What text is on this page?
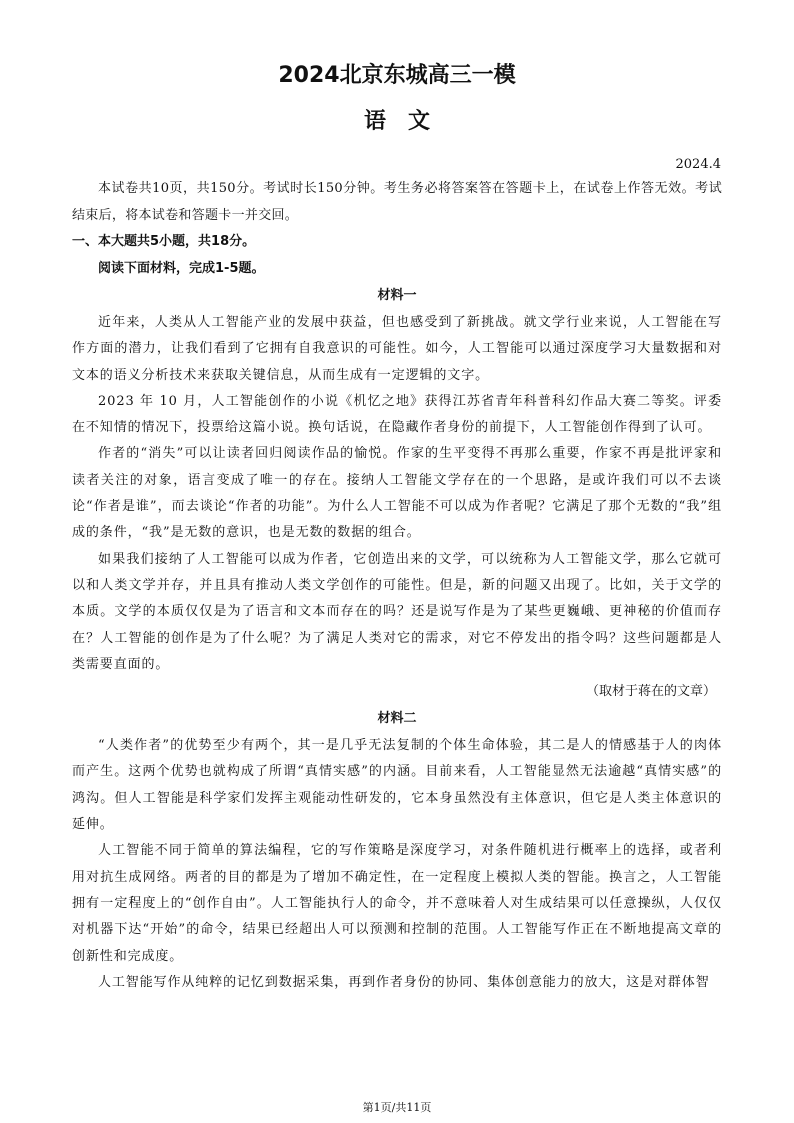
2024北京东城高三一模
语文
2024.4

本试卷共10页，共150分。考试时长150分钟。考生务必将答案答在答题卡上，在试卷上作答无效。考试结束后，将本试卷和答题卡一并交回。

一、本大题共5小题，共18分。

阅读下面材料，完成1-5题。

材料一

近年来，人类从人工智能产业的发展中获益，但也感受到了新挑战。就文学行业来说，人工智能在写作方面的潜力，让我们看到了它拥有自我意识的可能性。如今，人工智能可以通过深度学习大量数据和对文本的语义分析技术来获取关键信息，从而生成有一定逻辑的文字。

2023 年 10 月，人工智能创作的小说《机忆之地》获得江苏省青年科普科幻作品大赛二等奖。评委在不知情的情况下，投票给这篇小说。换句话说，在隐藏作者身份的前提下，人工智能创作得到了认可。

作者的“消失”可以让读者回归阅读作品的愉悦。作家的生平变得不再那么重要，作家不再是批评家和读者关注的对象，语言变成了唯一的存在。接纳人工智能文学存在的一个思路，是或许我们可以不去谈论“作者是谁”，而去谈论“作者的功能”。为什么人工智能不可以成为作者呢？它满足了那个无数的“我”组成的条件，“我”是无数的意识，也是无数的数据的组合。

如果我们接纳了人工智能可以成为作者，它创造出来的文学，可以统称为人工智能文学，那么它就可以和人类文学并存，并且具有推动人类文学创作的可能性。但是，新的问题又出现了。比如，关于文学的本质。文学的本质仅仅是为了语言和文本而存在的吗？还是说写作是为了某些更巍峨、更神秘的价值而存在？人工智能的创作是为了什么呢？为了满足人类对它的需求，对它不停发出的指令吗？这些问题都是人类需要直面的。

（取材于蒋在的文章）

材料二

“人类作者”的优势至少有两个，其一是几乎无法复制的个体生命体验，其二是人的情感基于人的肉体而产生。这两个优势也就构成了所谓“真情实感”的内涵。目前来看，人工智能显然无法逾越“真情实感”的鸿沟。但人工智能是科学家们发挥主观能动性研发的，它本身虽然没有主体意识，但它是人类主体意识的延伸。

人工智能不同于简单的算法编程，它的写作策略是深度学习，对条件随机进行概率上的选择，或者利用对抗生成网络。两者的目的都是为了增加不确定性，在一定程度上模拟人类的智能。换言之，人工智能拥有一定程度上的“创作自由”。人工智能执行人的命令，并不意味着人对生成结果可以任意操纵，人仅仅对机器下达“开始”的命令，结果已经超出人可以预测和控制的范围。人工智能写作正在不断地提高文章的创新性和完成度。

人工智能写作从纯粹的记忆到数据采集，再到作者身份的协同、集体创意能力的放大，这是对群体智

第1页/共11页
